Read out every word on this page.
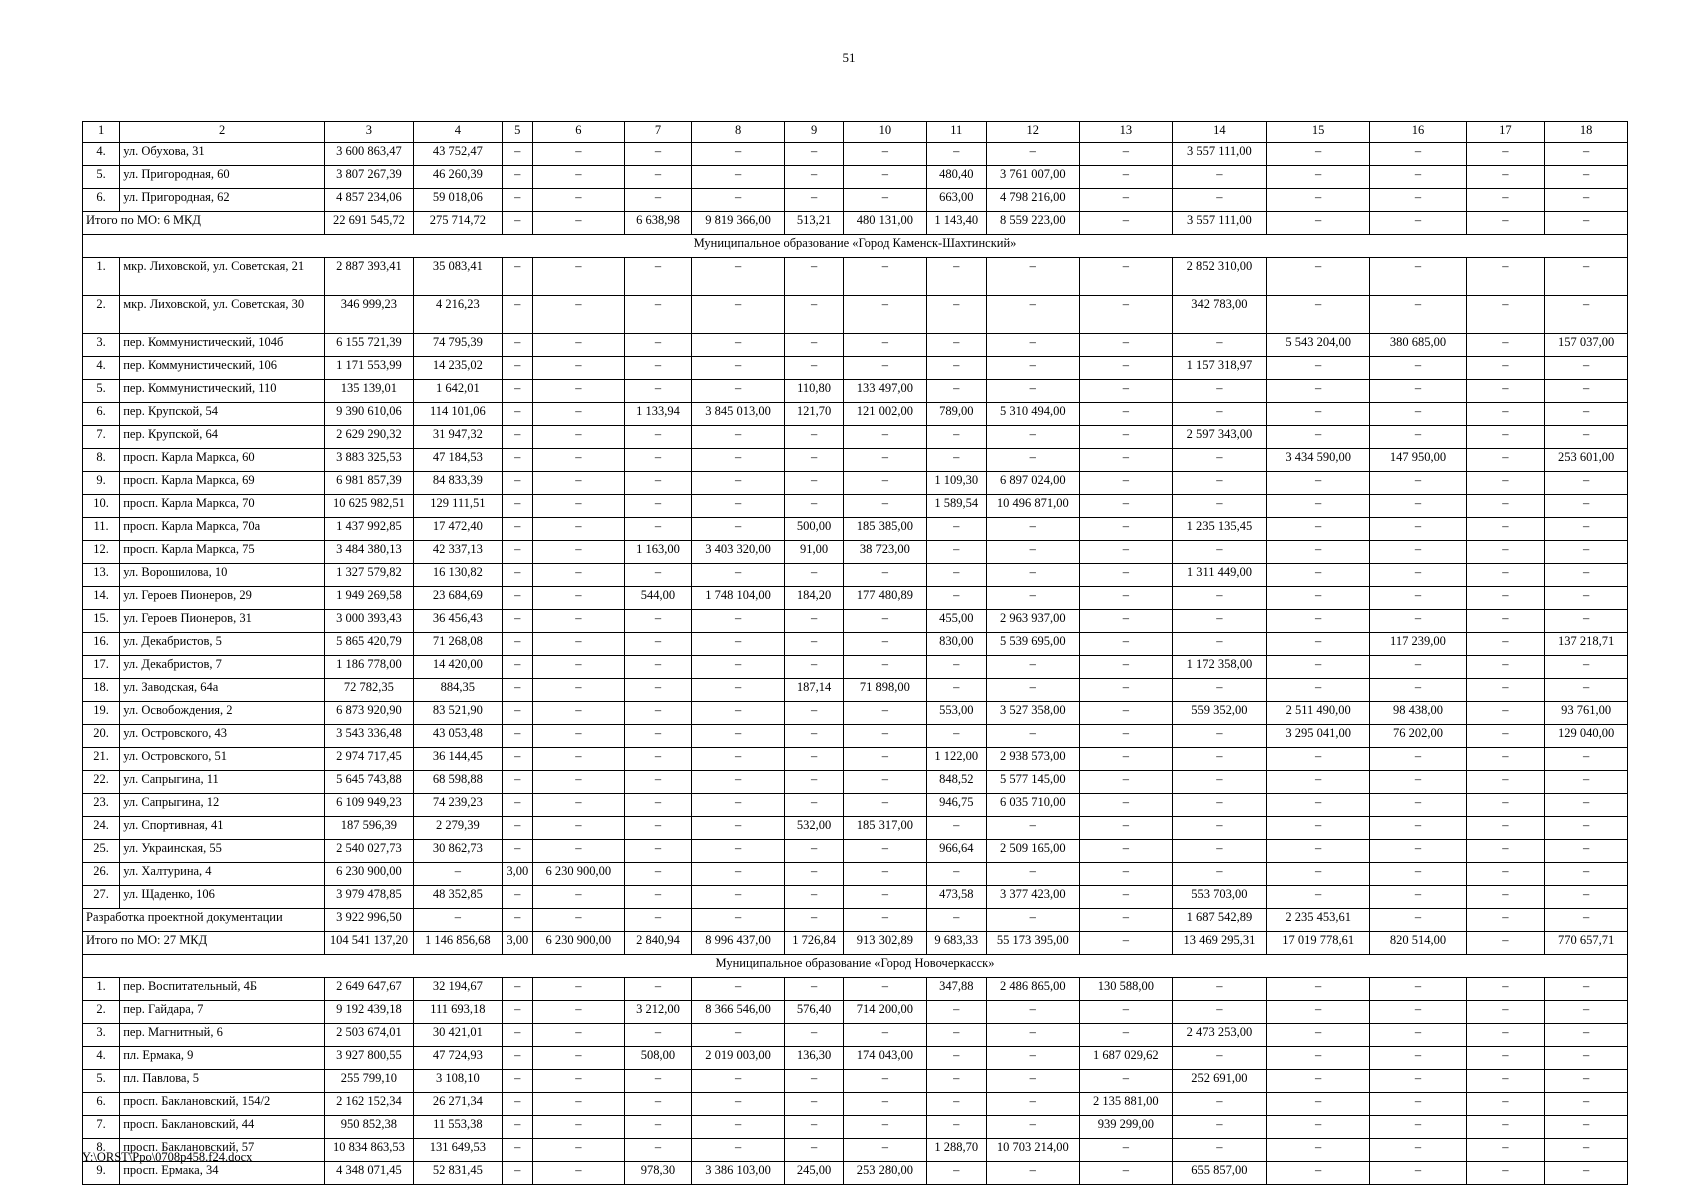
51
1	2	3	4	5	6	7	8	9	10	11	12	13	14	15	16	17	18
4.	ул. Обухова, 31	3 600 863,47	43 752,47	–	–	–	–	–	–	–	–	–	3 557 111,00	–	–	–	–
5.	ул. Пригородная, 60	3 807 267,39	46 260,39	–	–	–	–	–	–	480,40	3 761 007,00	–	–	–	–	–	–
6.	ул. Пригородная, 62	4 857 234,06	59 018,06	–	–	–	–	–	–	663,00	4 798 216,00	–	–	–	–	–	–
Итого по МО: 6 МКД		22 691 545,72	275 714,72	–	–	6 638,98	9 819 366,00	513,21	480 131,00	1 143,40	8 559 223,00	–	3 557 111,00	–	–	–	–
Муниципальное образование «Город Каменск-Шахтинский»																	
1.	мкр. Лиховской, ул. Советская, 21	2 887 393,41	35 083,41	–	–	–	–	–	–	–	–	–	2 852 310,00	–	–	–	–
2.	мкр. Лиховской, ул. Советская, 30	346 999,23	4 216,23	–	–	–	–	–	–	–	–	–	342 783,00	–	–	–	–
3.	пер. Коммунистический, 104б	6 155 721,39	74 795,39	–	–	–	–	–	–	–	–	–	–	5 543 204,00	380 685,00	–	157 037,00
4.	пер. Коммунистический, 106	1 171 553,99	14 235,02	–	–	–	–	–	–	–	–	–	1 157 318,97	–	–	–	–
5.	пер. Коммунистический, 110	135 139,01	1 642,01	–	–	–	–	110,80	133 497,00	–	–	–	–	–	–	–	–
6.	пер. Крупской, 54	9 390 610,06	114 101,06	–	–	1 133,94	3 845 013,00	121,70	121 002,00	789,00	5 310 494,00	–	–	–	–	–	–
7.	пер. Крупской, 64	2 629 290,32	31 947,32	–	–	–	–	–	–	–	–	–	2 597 343,00	–	–	–	–
8.	просп. Карла Маркса, 60	3 883 325,53	47 184,53	–	–	–	–	–	–	–	–	–	–	3 434 590,00	147 950,00	–	253 601,00
9.	просп. Карла Маркса, 69	6 981 857,39	84 833,39	–	–	–	–	–	–	1 109,30	6 897 024,00	–	–	–	–	–	–
10.	просп. Карла Маркса, 70	10 625 982,51	129 111,51	–	–	–	–	–	–	1 589,54	10 496 871,00	–	–	–	–	–	–
11.	просп. Карла Маркса, 70а	1 437 992,85	17 472,40	–	–	–	–	500,00	185 385,00	–	–	–	1 235 135,45	–	–	–	–
12.	просп. Карла Маркса, 75	3 484 380,13	42 337,13	–	–	1 163,00	3 403 320,00	91,00	38 723,00	–	–	–	–	–	–	–	–
13.	ул. Ворошилова, 10	1 327 579,82	16 130,82	–	–	–	–	–	–	–	–	–	1 311 449,00	–	–	–	–
14.	ул. Героев Пионеров, 29	1 949 269,58	23 684,69	–	–	544,00	1 748 104,00	184,20	177 480,89	–	–	–	–	–	–	–	–
15.	ул. Героев Пионеров, 31	3 000 393,43	36 456,43	–	–	–	–	–	–	455,00	2 963 937,00	–	–	–	–	–	–
16.	ул. Декабристов, 5	5 865 420,79	71 268,08	–	–	–	–	–	–	830,00	5 539 695,00	–	–	–	117 239,00	–	137 218,71
17.	ул. Декабристов, 7	1 186 778,00	14 420,00	–	–	–	–	–	–	–	–	–	1 172 358,00	–	–	–	–
18.	ул. Заводская, 64а	72 782,35	884,35	–	–	–	–	187,14	71 898,00	–	–	–	–	–	–	–	–
19.	ул. Освобождения, 2	6 873 920,90	83 521,90	–	–	–	–	–	–	553,00	3 527 358,00	–	559 352,00	2 511 490,00	98 438,00	–	93 761,00
20.	ул. Островского, 43	3 543 336,48	43 053,48	–	–	–	–	–	–	–	–	–	–	3 295 041,00	76 202,00	–	129 040,00
21.	ул. Островского, 51	2 974 717,45	36 144,45	–	–	–	–	–	–	1 122,00	2 938 573,00	–	–	–	–	–	–
22.	ул. Сапрыгина, 11	5 645 743,88	68 598,88	–	–	–	–	–	–	848,52	5 577 145,00	–	–	–	–	–	–
23.	ул. Сапрыгина, 12	6 109 949,23	74 239,23	–	–	–	–	–	–	946,75	6 035 710,00	–	–	–	–	–	–
24.	ул. Спортивная, 41	187 596,39	2 279,39	–	–	–	–	532,00	185 317,00	–	–	–	–	–	–	–	–
25.	ул. Украинская, 55	2 540 027,73	30 862,73	–	–	–	–	–	–	966,64	2 509 165,00	–	–	–	–	–	–
26.	ул. Халтурина, 4	6 230 900,00	–	3,00	6 230 900,00	–	–	–	–	–	–	–	–	–	–	–	–
27.	ул. Щаденко, 106	3 979 478,85	48 352,85	–	–	–	–	–	–	473,58	3 377 423,00	–	553 703,00	–	–	–	–
Разработка проектной документации		3 922 996,50	–	–	–	–	–	–	–	–	–	–	1 687 542,89	2 235 453,61	–	–	–
Итого по МО: 27 МКД		104 541 137,20	1 146 856,68	3,00	6 230 900,00	2 840,94	8 996 437,00	1 726,84	913 302,89	9 683,33	55 173 395,00	–	13 469 295,31	17 019 778,61	820 514,00	–	770 657,71
Муниципальное образование «Город Новочеркасск»																	
1.	пер. Воспитательный, 4Б	2 649 647,67	32 194,67	–	–	–	–	–	–	347,88	2 486 865,00	130 588,00	–	–	–	–	–
2.	пер. Гайдара, 7	9 192 439,18	111 693,18	–	–	3 212,00	8 366 546,00	576,40	714 200,00	–	–	–	–	–	–	–	–
3.	пер. Магнитный, 6	2 503 674,01	30 421,01	–	–	–	–	–	–	–	–	–	2 473 253,00	–	–	–	–
4.	пл. Ермака, 9	3 927 800,55	47 724,93	–	–	508,00	2 019 003,00	136,30	174 043,00	–	–	1 687 029,62	–	–	–	–	–
5.	пл. Павлова, 5	255 799,10	3 108,10	–	–	–	–	–	–	–	–	–	252 691,00	–	–	–	–
6.	просп. Баклановский, 154/2	2 162 152,34	26 271,34	–	–	–	–	–	–	–	–	2 135 881,00	–	–	–	–	–
7.	просп. Баклановский, 44	950 852,38	11 553,38	–	–	–	–	–	–	–	–	939 299,00	–	–	–	–	–
8.	просп. Баклановский, 57	10 834 863,53	131 649,53	–	–	–	–	–	–	1 288,70	10 703 214,00	–	–	–	–	–	–
9.	просп. Ермака, 34	4 348 071,45	52 831,45	–	–	978,30	3 386 103,00	245,00	253 280,00	–	–	–	655 857,00	–	–	–	–
Y:\ORST\Ppo\0708p458.f24.docx
